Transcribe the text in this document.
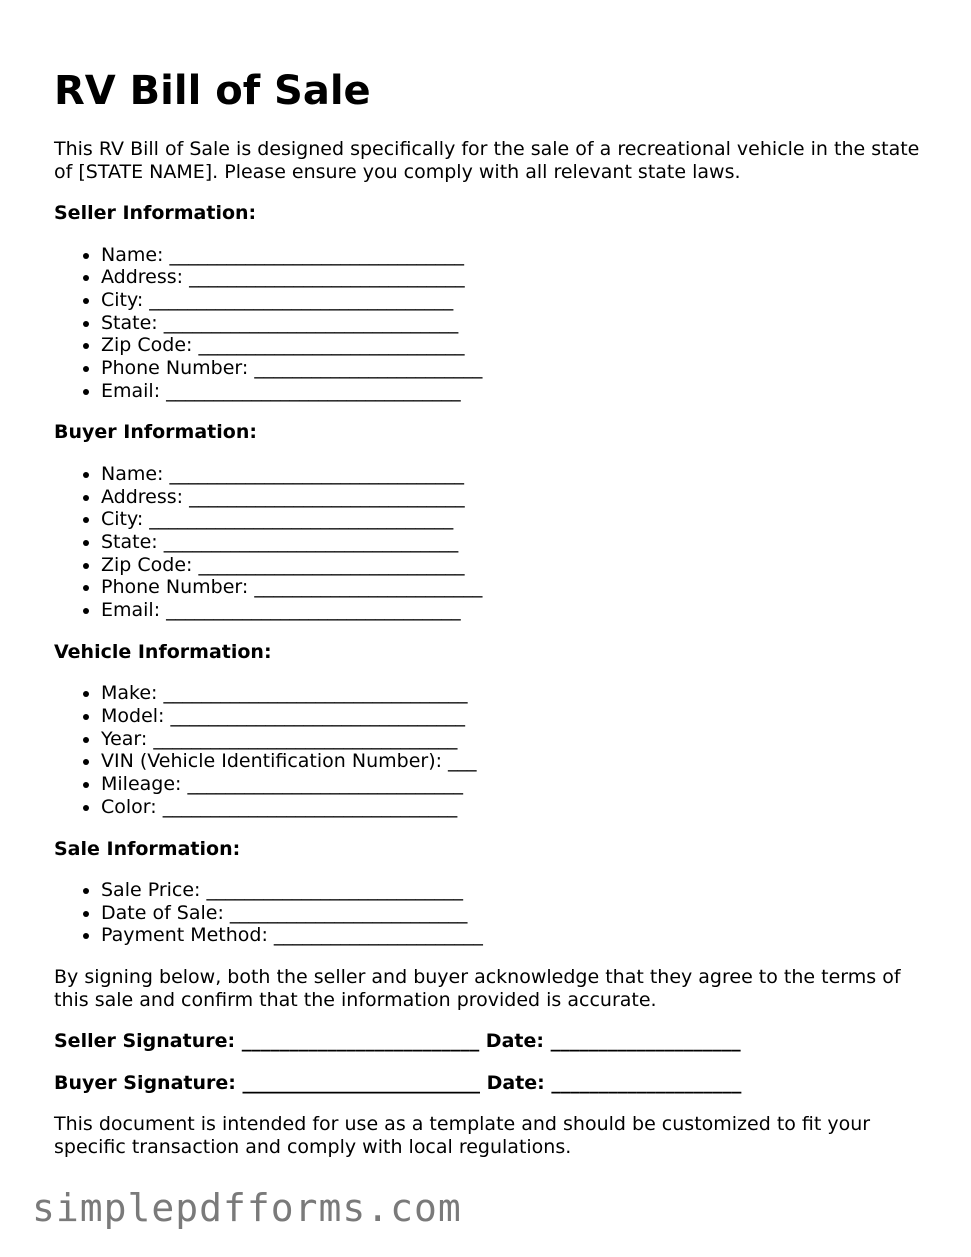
RV Bill of Sale

This RV Bill of Sale is designed specifically for the sale of a recreational vehicle in the state of [STATE NAME]. Please ensure you comply with all relevant state laws.

Seller Information:
• Name: _______________________________
• Address: _____________________________
• City: ________________________________
• State: _______________________________
• Zip Code: ____________________________
• Phone Number: ________________________
• Email: _______________________________
Buyer Information:
• Name: _______________________________
• Address: _____________________________
• City: ________________________________
• State: _______________________________
• Zip Code: ____________________________
• Phone Number: ________________________
• Email: _______________________________
Vehicle Information:
• Make: ________________________________
• Model: _______________________________
• Year: ________________________________
• VIN (Vehicle Identification Number): ___
• Mileage: _____________________________
• Color: _______________________________
Sale Information:
• Sale Price: ___________________________
• Date of Sale: _________________________
• Payment Method: ______________________

By signing below, both the seller and buyer acknowledge that they agree to the terms of this sale and confirm that the information provided is accurate.

Seller Signature: _________________________ Date: ____________________
Buyer Signature: _________________________ Date: ____________________

This document is intended for use as a template and should be customized to fit your specific transaction and comply with local regulations.

simplepdfforms.com
